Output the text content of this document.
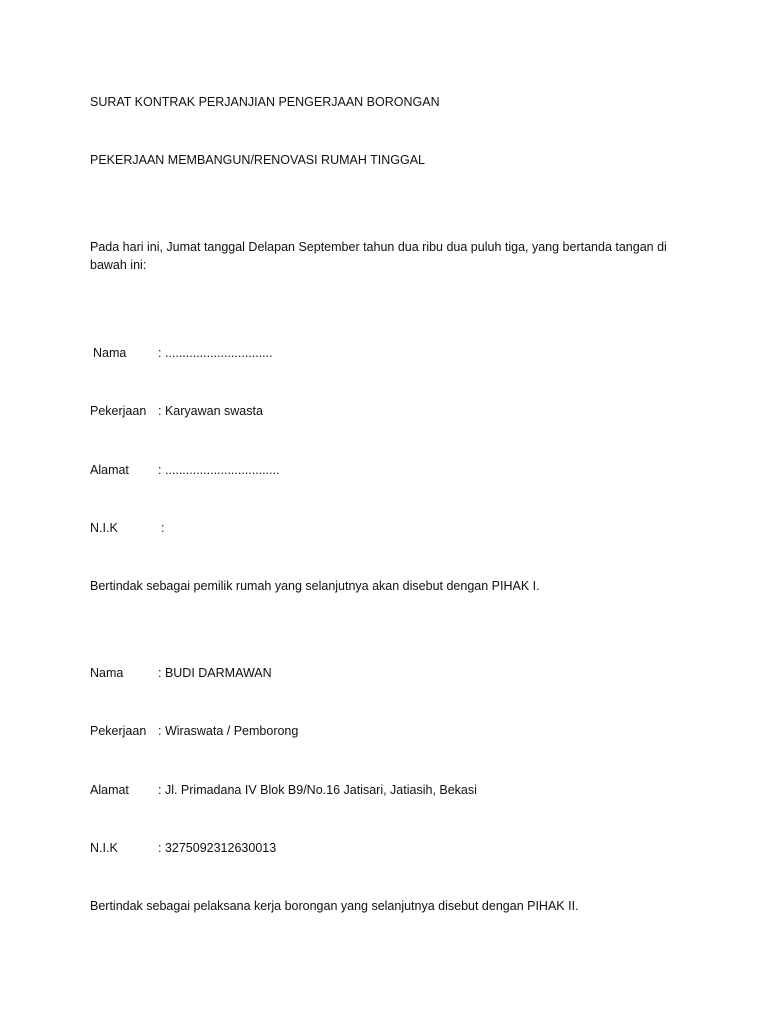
SURAT KONTRAK PERJANJIAN PENGERJAAN BORONGAN
PEKERJAAN MEMBANGUN/RENOVASI RUMAH TINGGAL
Pada hari ini, Jumat tanggal Delapan September tahun dua ribu dua puluh tiga, yang bertanda tangan di bawah ini:
Nama	: ...............................
Pekerjaan : Karyawan swasta
Alamat : .................................
N.I.K	:
Bertindak sebagai pemilik rumah yang selanjutnya akan disebut dengan PIHAK I.
Nama	: BUDI DARMAWAN
Pekerjaan : Wiraswata / Pemborong
Alamat : Jl. Primadana IV Blok B9/No.16 Jatisari, Jatiasih, Bekasi
N.I.K	: 3275092312630013
Bertindak sebagai pelaksana kerja borongan yang selanjutnya disebut dengan PIHAK II.
